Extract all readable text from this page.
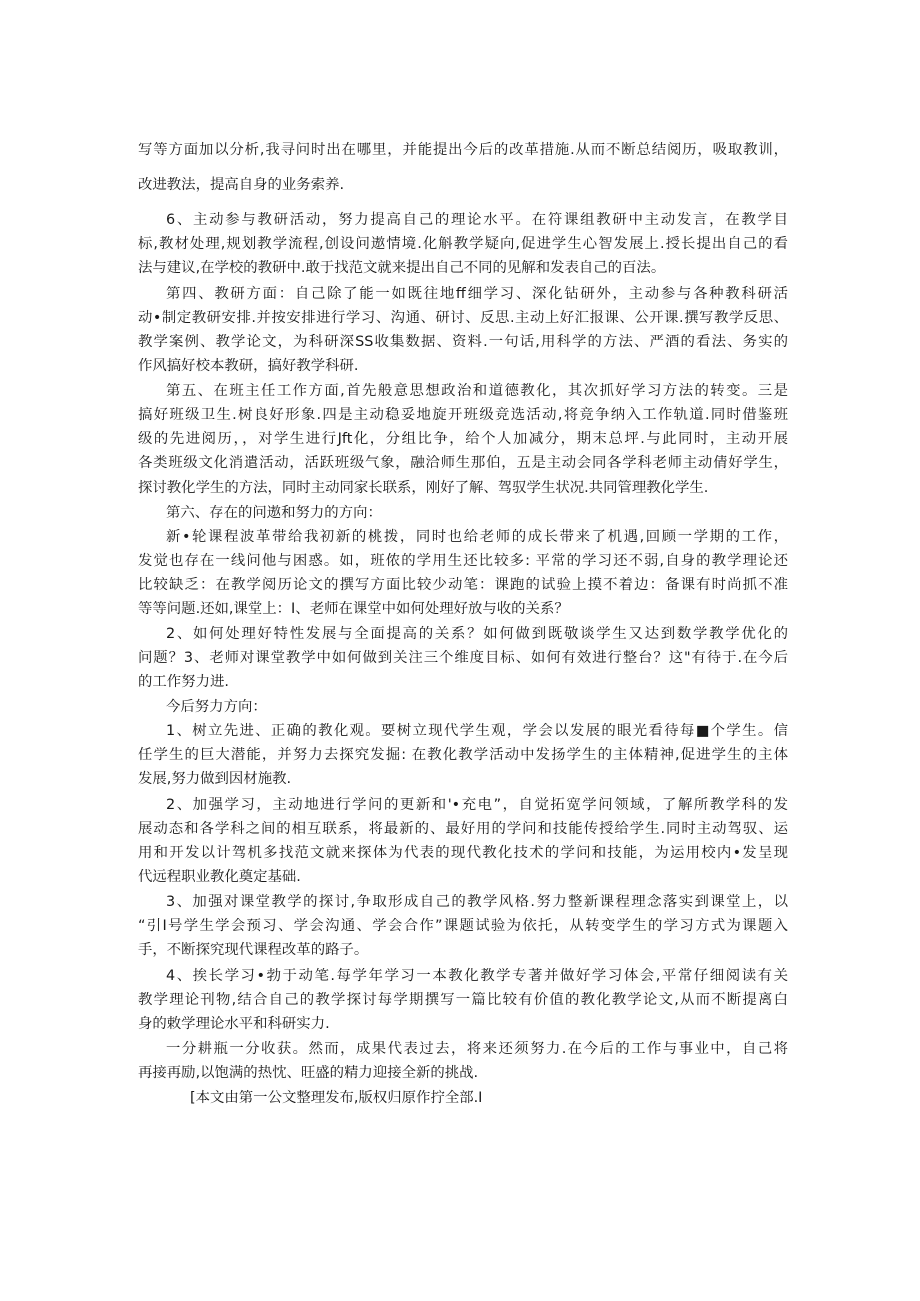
写等方面加以分析,我寻问时出在哪里，并能提出今后的改革措施.从而不断总结阅历，吸取教训，
改进教法，提高自身的业务索养.
6、主动参与教研活动，努力提高自己的理论水平。在符课组教研中主动发言，在教学目
标,教材处理,规划教学流程,创设问遨情境.化斛教学疑向,促进学生心智发展上.授长提出自己的看
法与建议,在学校的教研中.敢于找范文就来提出自己不同的见解和发表自己的百法。
第四、教研方面：自己除了能一如既往地ff细学习、深化钻研外，主动参与各种教科研活
动•制定教研安排.并按安排进行学习、沟通、研讨、反思.主动上好汇报课、公开课.撰写教学反思、
教学案例、教学论文，为科研深SS收集数据、资料.一句话,用科学的方法、严酒的看法、务实的
作风搞好校本教研，搞好教学科研.
第五、在班主任工作方面,首先般意思想政治和道德教化，其次抓好学习方法的转变。三是
搞好班级卫生.树良好形象.四是主动稳妥地旋开班级竞选活动,将竞争纳入工作轨道.同时借鉴班
级的先进阅历，，对学生进行Jft化，分组比争，给个人加减分，期末总坪.与此同时，主动开展
各类班级文化消遣活动，活跃班级气象，融洽师生那伯，五是主动会同各学科老师主动倩好学生，
探讨教化学生的方法，同时主动同家长联系，刚好了解、驾驭学生状况.共同管理教化学生.
第六、存在的问遨和努力的方向：
新•轮课程波革带给我初新的桃拨，同时也给老师的成长带来了机遇,回顾一学期的工作，
发觉也存在一线问他与困惑。如，班侬的学用生还比较多: 平常的学习还不弱,自身的教学理论还
比较缺乏：在教学阅历论文的撰写方面比较少动笔：课跑的试验上摸不着边：备课有时尚抓不准
等等问题.还如,课堂上：I、老师在课堂中如何处理好放与收的关系？
2、如何处理好特性发展与全面提高的关系？如何做到既敬谈学生又达到数学教学优化的
问题？3、老师对课堂教学中如何做到关注三个维度目标、如何有效进行整台？这"有待于.在今后
的工作努力进.
今后努力方向：
1、树立先进、正确的教化观。要树立现代学生观，学会以发展的眼光看待每■个学生。信
任学生的巨大潜能，并努力去探究发掘: 在教化教学活动中发扬学生的主体精神,促进学生的主体
发展,努力做到因材施教.
2、加强学习，主动地进行学问的更新和'•充电”，自觉拓宽学问领域，了解所教学科的发
展动态和各学科之间的相互联系，将最新的、最好用的学问和技能传授给学生.同时主动驾驭、运
用和开发以计驾机多找范文就来探体为代表的现代教化技术的学问和技能，为运用校内•发呈现
代远程职业教化奠定基础.
3、加强对课堂教学的探讨,争取形成自己的教学风格.努力整新课程理念落实到课堂上，以
“引I号学生学会预习、学会沟通、学会合作”课题试验为依托，从转变学生的学习方式为课题入
手，不断探究现代课程改革的路子。
4、挨长学习•勃于动笔.每学年学习一本教化教学专著并做好学习体会,平常仔细阅读有关
教学理论刊物,结合自己的教学探讨每学期撰写一篇比较有价值的教化教学论文,从而不断提离白
身的敕学理论水平和科研实力.
一分耕瓶一分收获。然而，成果代表过去，将来还须努力.在今后的工作与事业中，自己将
再接再励,以饱满的热忱、旺盛的精力迎接全新的挑战.
[本文由第一公文整理发布,版权归原作拧全部.I
